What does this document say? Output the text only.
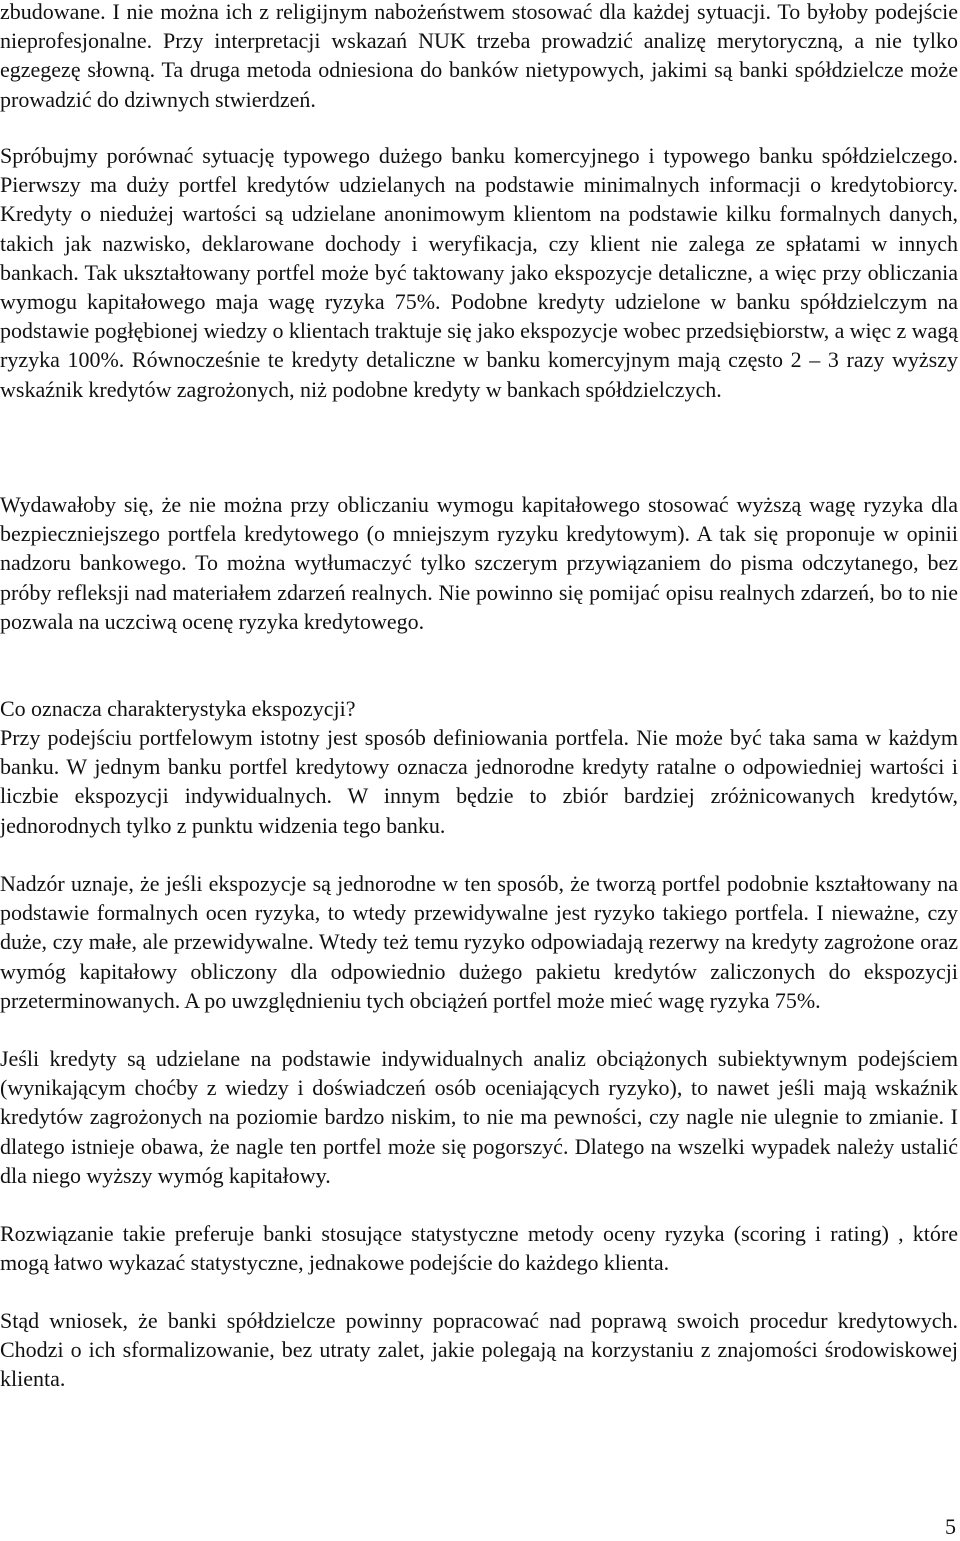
zbudowane. I nie można ich z religijnym nabożeństwem stosować dla każdej sytuacji. To byłoby podejście nieprofesjonalne. Przy interpretacji wskazań NUK trzeba prowadzić analizę merytoryczną, a nie tylko egzegezę słowną. Ta druga metoda odniesiona do banków nietypowych, jakimi są banki spółdzielcze może prowadzić do dziwnych stwierdzeń.

Spróbujmy porównać sytuację typowego dużego banku komercyjnego i typowego banku spółdzielczego. Pierwszy ma duży portfel kredytów udzielanych na podstawie minimalnych informacji o kredytobiorcy. Kredyty o niedużej wartości są udzielane anonimowym klientom na podstawie kilku formalnych danych, takich jak nazwisko, deklarowane dochody i weryfikacja, czy klient nie zalega ze spłatami w innych bankach. Tak ukształtowany portfel może być taktowany jako ekspozycje detaliczne, a więc przy obliczania wymogu kapitałowego maja wagę ryzyka 75%. Podobne kredyty udzielone w banku spółdzielczym na podstawie pogłębionej wiedzy o klientach traktuje się jako ekspozycje wobec przedsiębiorstw, a więc z wagą ryzyka 100%. Równocześnie te kredyty detaliczne w banku komercyjnym mają często 2 – 3 razy wyższy wskaźnik kredytów zagrożonych, niż podobne kredyty w bankach spółdzielczych.

Wydawałoby się, że nie można przy obliczaniu wymogu kapitałowego stosować wyższą wagę ryzyka dla bezpieczniejszego portfela kredytowego (o mniejszym ryzyku kredytowym). A tak się proponuje w opinii nadzoru bankowego. To można wytłumaczyć tylko szczerym przywiązaniem do pisma odczytanego, bez próby refleksji nad materiałem zdarzeń realnych. Nie powinno się pomijać opisu realnych zdarzeń, bo to nie pozwala na uczciwą ocenę ryzyka kredytowego.

Co oznacza charakterystyka ekspozycji?

Przy podejściu portfelowym istotny jest sposób definiowania portfela. Nie może być taka sama w każdym banku. W jednym banku portfel kredytowy oznacza jednorodne kredyty ratalne o odpowiedniej wartości i liczbie ekspozycji indywidualnych. W innym będzie to zbiór bardziej zróżnicowanych kredytów, jednorodnych tylko z punktu widzenia tego banku.

Nadzór uznaje, że jeśli ekspozycje są jednorodne w ten sposób, że tworzą portfel podobnie kształtowany na podstawie formalnych ocen ryzyka, to wtedy przewidywalne jest ryzyko takiego portfela. I nieważne, czy duże, czy małe, ale przewidywalne. Wtedy też temu ryzyko odpowiadają rezerwy na kredyty zagrożone oraz wymóg kapitałowy obliczony dla odpowiednio dużego pakietu kredytów zaliczonych do ekspozycji przeterminowanych. A po uwzględnieniu tych obciążeń portfel może mieć wagę ryzyka 75%.

Jeśli kredyty są udzielane na podstawie indywidualnych analiz obciążonych subiektywnym podejściem (wynikającym choćby z wiedzy i doświadczeń osób oceniających ryzyko), to nawet jeśli mają wskaźnik kredytów zagrożonych na poziomie bardzo niskim, to nie ma pewności, czy nagle nie ulegnie to zmianie. I dlatego istnieje obawa, że nagle ten portfel może się pogorszyć. Dlatego na wszelki wypadek należy ustalić dla niego wyższy wymóg kapitałowy.

Rozwiązanie takie preferuje banki stosujące statystyczne metody oceny ryzyka (scoring i rating) , które mogą łatwo wykazać statystyczne, jednakowe podejście do każdego klienta.

Stąd wniosek, że banki spółdzielcze powinny popracować nad poprawą swoich procedur kredytowych. Chodzi o ich sformalizowanie, bez utraty zalet, jakie polegają na korzystaniu z znajomości środowiskowej klienta.

5
